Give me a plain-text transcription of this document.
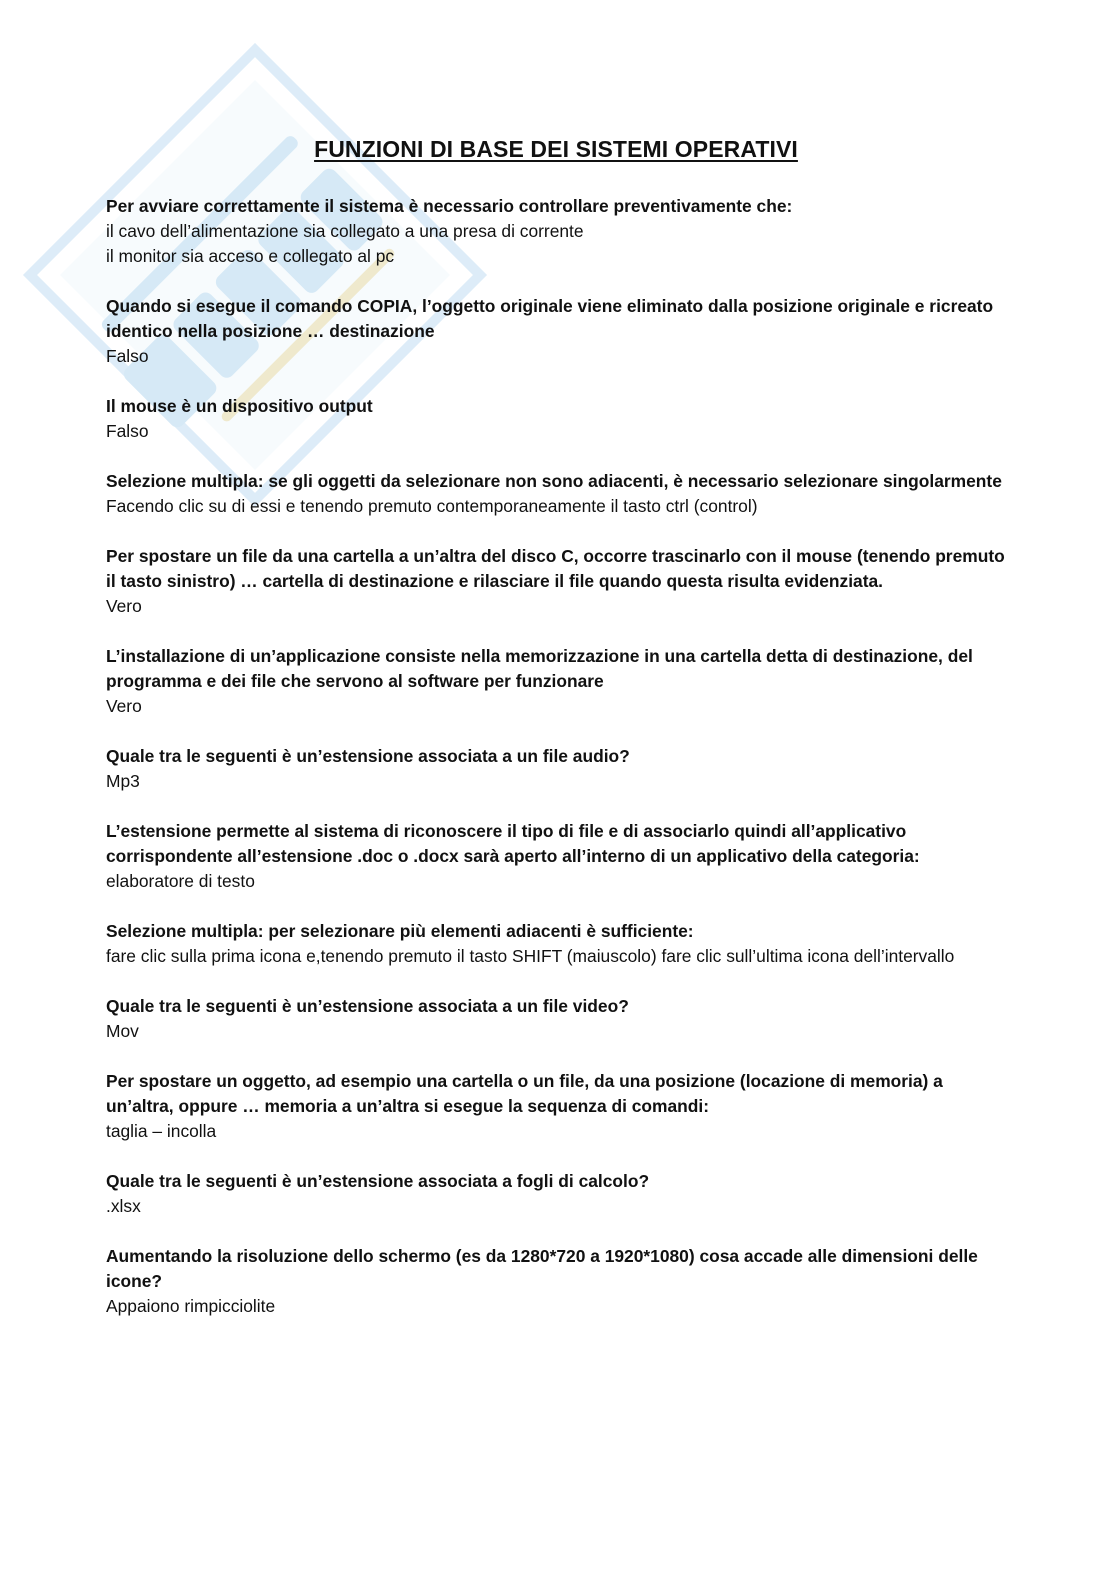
FUNZIONI DI BASE DEI SISTEMI OPERATIVI

Per avviare correttamente il sistema è necessario controllare preventivamente che:

il cavo dell’alimentazione sia collegato a una presa di corrente

il monitor sia acceso e collegato al pc

Quando si esegue il comando COPIA, l’oggetto originale viene eliminato dalla posizione originale e ricreato identico nella posizione … destinazione

Falso

Il mouse è un dispositivo output

Falso

Selezione multipla: se gli oggetti da selezionare non sono adiacenti, è necessario selezionare singolarmente

Facendo clic su di essi e tenendo premuto contemporaneamente il tasto ctrl (control)

Per spostare un file da una cartella a un’altra del disco C, occorre trascinarlo con il mouse (tenendo premuto il tasto sinistro) … cartella di destinazione e rilasciare il file quando questa risulta evidenziata.

Vero

L’installazione di un’applicazione consiste nella memorizzazione in una cartella detta di destinazione, del programma e dei file che servono al software per funzionare

Vero

Quale tra le seguenti è un’estensione associata a un file audio?

Mp3

L’estensione permette al sistema di riconoscere il tipo di file e di associarlo quindi all’applicativo corrispondente all’estensione .doc o .docx sarà aperto all’interno di un applicativo della categoria:

elaboratore di testo

Selezione multipla: per selezionare più elementi adiacenti è sufficiente:

fare clic sulla prima icona e,tenendo premuto il tasto SHIFT (maiuscolo) fare clic sull’ultima icona dell’intervallo

Quale tra le seguenti è un’estensione associata a un file video?

Mov

Per spostare un oggetto, ad esempio una cartella o un file, da una posizione (locazione di memoria) a un’altra, oppure … memoria a un’altra si esegue la sequenza di comandi:

taglia – incolla

Quale tra le seguenti è un’estensione associata a fogli di calcolo?

.xlsx

Aumentando la risoluzione dello schermo (es da 1280*720 a 1920*1080) cosa accade alle dimensioni delle icone?

Appaiono rimpicciolite
